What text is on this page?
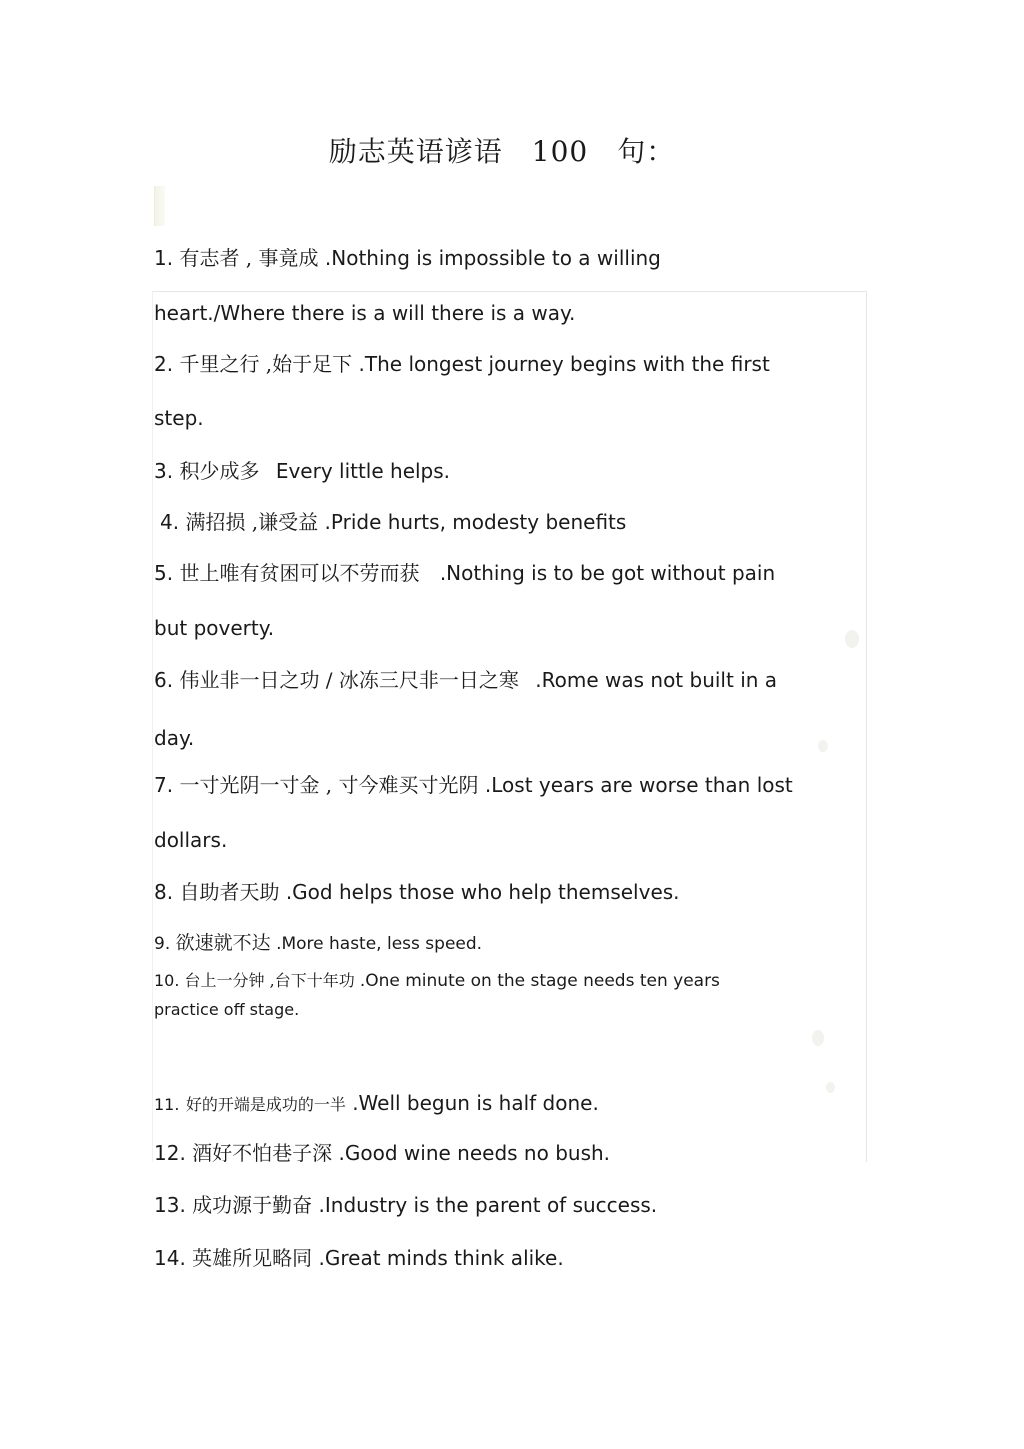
励志英语谚语　100　句：
1. 有志者 , 事竟成 .Nothing is impossible to a willing
heart./Where there is a will there is a way.
2. 千里之行 ,始于足下 .The longest journey begins with the first
step.
3. 积少成多 Every little helps.
4. 满招损 ,谦受益 .Pride hurts, modesty benefits
5. 世上唯有贫困可以不劳而获 .Nothing is to be got without pain
but poverty.
6. 伟业非一日之功 / 冰冻三尺非一日之寒 .Rome was not built in a
day.
7. 一寸光阴一寸金 , 寸今难买寸光阴 .Lost years are worse than lost
dollars.
8. 自助者天助 .God helps those who help themselves.
9. 欲速就不达 .More haste, less speed.
10. 台上一分钟 ,台下十年功 .One minute on the stage needs ten years
practice off stage.
11. 好的开端是成功的一半 .Well begun is half done.
12. 酒好不怕巷子深 .Good wine needs no bush.
13. 成功源于勤奋 .Industry is the parent of success.
14. 英雄所见略同 .Great minds think alike.
